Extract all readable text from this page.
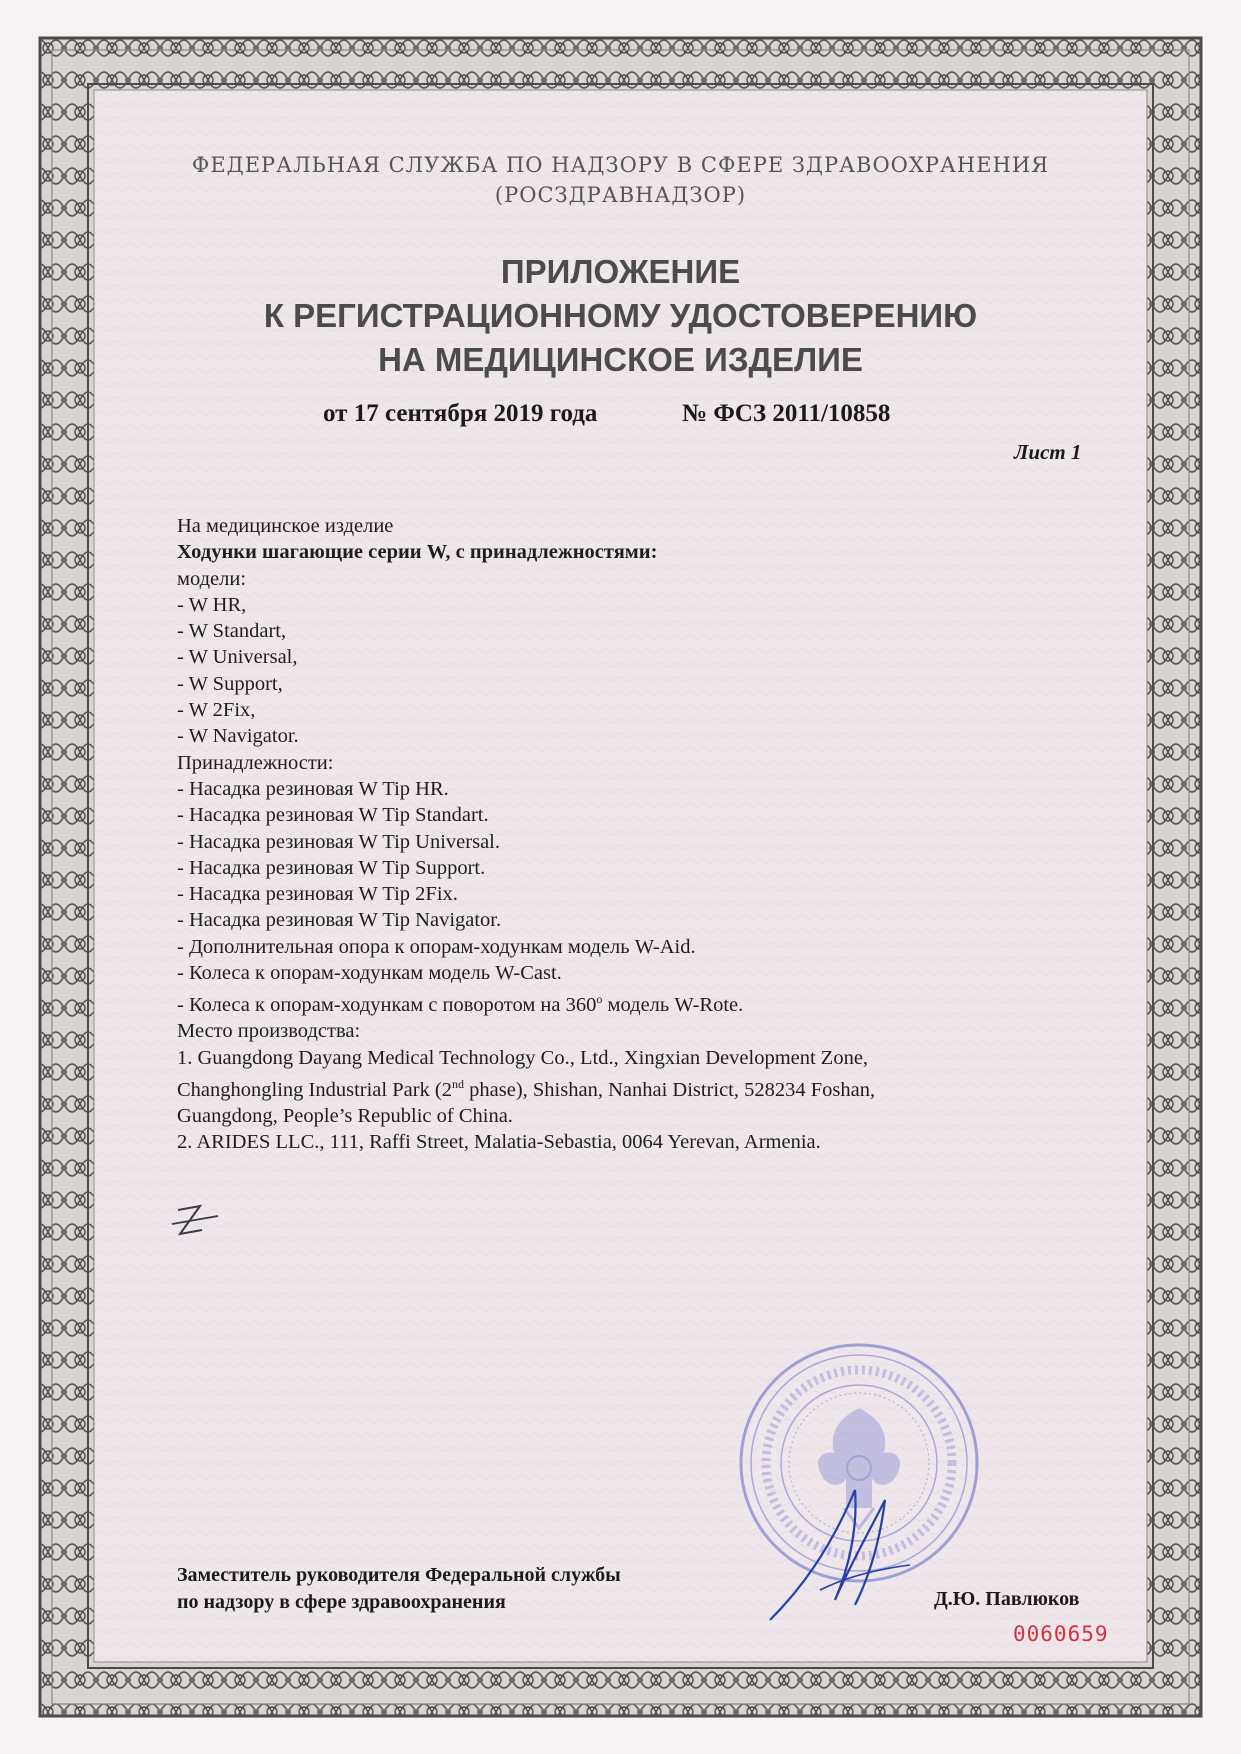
ФЕДЕРАЛЬНАЯ СЛУЖБА ПО НАДЗОРУ В СФЕРЕ ЗДРАВООХРАНЕНИЯ
(РОСЗДРАВНАДЗОР)
ПРИЛОЖЕНИЕ
К РЕГИСТРАЦИОННОМУ УДОСТОВЕРЕНИЮ
НА МЕДИЦИНСКОЕ ИЗДЕЛИЕ
от 17 сентября 2019 года	№ ФСЗ 2011/10858
Лист 1
На медицинское изделие
Ходунки шагающие серии W, с принадлежностями:
модели:
- W HR,
- W Standart,
- W Universal,
- W Support,
- W 2Fix,
- W Navigator.
Принадлежности:
- Насадка резиновая W Tip HR.
- Насадка резиновая W Tip Standart.
- Насадка резиновая W Tip Universal.
- Насадка резиновая W Tip Support.
- Насадка резиновая W Tip 2Fix.
- Насадка резиновая W Tip Navigator.
- Дополнительная опора к опорам-ходункам модель W-Aid.
- Колеса к опорам-ходункам модель W-Cast.
- Колеса к опорам-ходункам с поворотом на 360$^o$ модель W-Rote.
Место производства:
1. Guangdong Dayang Medical Technology Co., Ltd., Xingxian Development Zone,
Changhongling Industrial Park (2nd phase), Shishan, Nanhai District, 528234 Foshan,
Guangdong, People’s Republic of China.
2. ARIDES LLC., 111, Raffi Street, Malatia-Sebastia, 0064 Yerevan, Armenia.
Заместитель руководителя Федеральной службы
по надзору в сфере здравоохранения	Д.Ю. Павлюков
0060659
